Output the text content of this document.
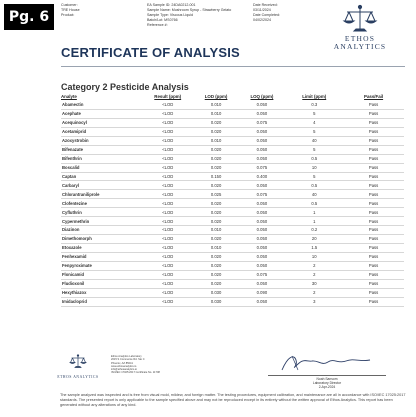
Pg. 6
Customer:
TRE House
Product:
EA Sample ID: 24DA0212-001
Sample Name: Mushroom Syrup - Strawberry Gelato
Sample Type: Viscous Liquid
Batch/Lot: MS0766
Reference #:
Date Received:
03/11/2024
Date Completed:
04/02/2024
ETHOS ANALYTICS
CERTIFICATE OF ANALYSIS
Category 2 Pesticide Analysis
Analyte	Result (ppm)	LOD (ppm)	LOQ (ppm)	Limit (ppm)	Pass/Fail
Abamectin	<LOD	0.010	0.050	0.3	Pass
Acephate	<LOD	0.010	0.050	5	Pass
Acequinocyl	<LOD	0.020	0.075	4	Pass
Acetamiprid	<LOD	0.020	0.050	5	Pass
Azoxystrobin	<LOD	0.010	0.050	40	Pass
Bifenazate	<LOD	0.020	0.050	5	Pass
Bifenthrin	<LOD	0.020	0.050	0.5	Pass
Boscalid	<LOD	0.020	0.075	10	Pass
Captan	<LOD	0.150	0.400	5	Pass
Carbaryl	<LOD	0.020	0.050	0.5	Pass
Chlorantraniliprole	<LOD	0.025	0.075	40	Pass
Clofentezine	<LOD	0.020	0.050	0.5	Pass
Cyfluthrin	<LOD	0.020	0.050	1	Pass
Cypermethrin	<LOD	0.020	0.050	1	Pass
Diazinon	<LOD	0.010	0.050	0.2	Pass
Dimethomorph	<LOD	0.020	0.050	20	Pass
Etoxazole	<LOD	0.010	0.050	1.5	Pass
Fenhexamid	<LOD	0.020	0.050	10	Pass
Fenpyroximate	<LOD	0.020	0.050	2	Pass
Flonicamid	<LOD	0.020	0.075	2	Pass
Fludioxonil	<LOD	0.020	0.050	30	Pass
Hexythiazox	<LOD	0.030	0.090	2	Pass
Imidacloprid	<LOD	0.030	0.050	3	Pass
ETHOS ANALYTICS
Ethos Analytics Laboratory
2015 S Commerce Rd. Ste C
Phoenix, AZ 85041
www.ethosanalytics.io
info@ethosanalytics.io
ISO/IEC 17025:2017 Certificate No. 11708
Noah Sansom
Laboratory Director
2-Apr-2024
The sample analyzed was inspected and is free from visual mold, mildew, and foreign matter. The testing procedures, equipment calibration, and maintenance are all in accordance with ISO/IEC 17025:2017 standards. The presented report is only applicable to the sample specified above and may not be reproduced except in its entirety without the written approval of Ethos Analytics. This report has been generated without any alterations of any kind.
